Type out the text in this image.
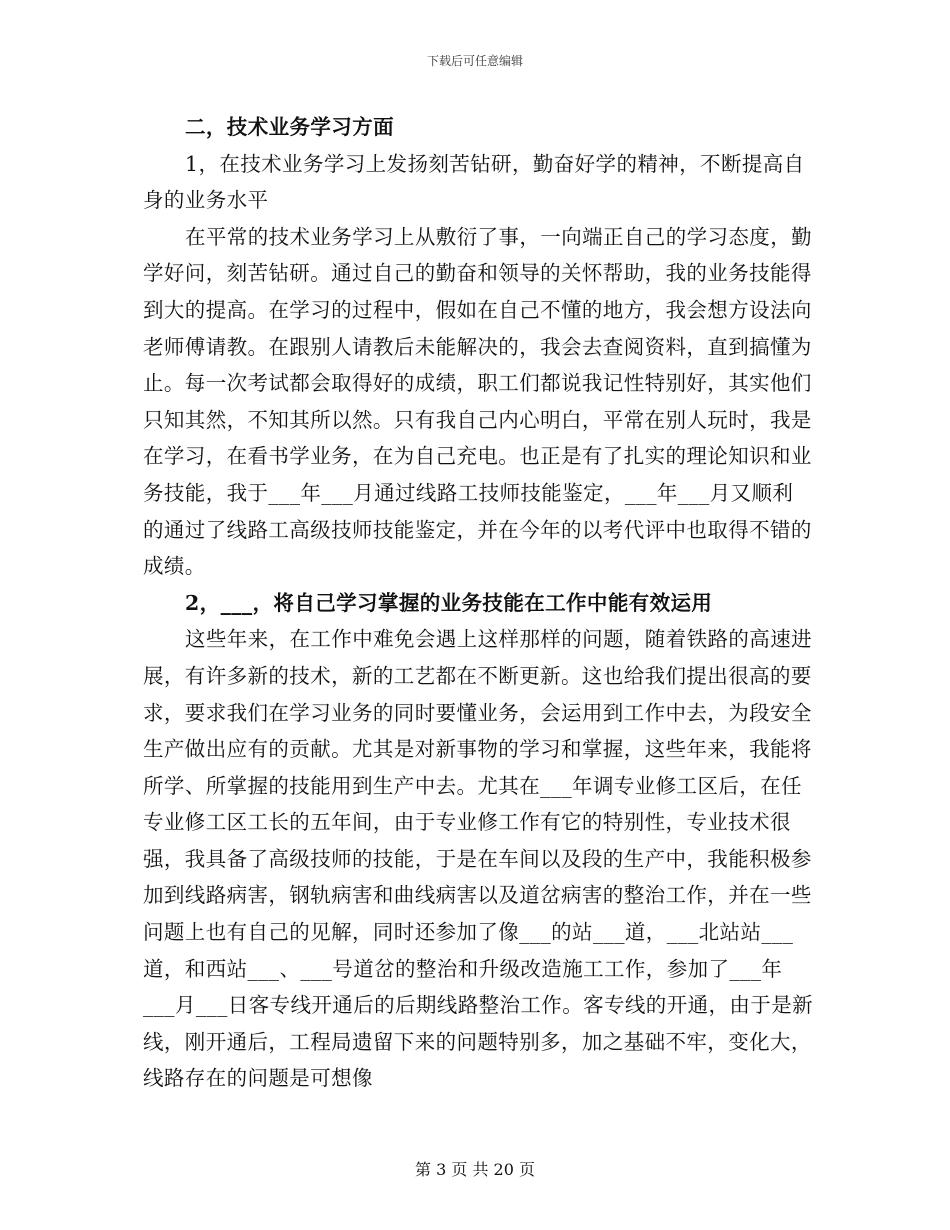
下载后可任意编辑

二，技术业务学习方面

1，在技术业务学习上发扬刻苦钻研，勤奋好学的精神，不断提高自身的业务水平

在平常的技术业务学习上从敷衍了事，一向端正自己的学习态度，勤学好问，刻苦钻研。通过自己的勤奋和领导的关怀帮助，我的业务技能得到大的提高。在学习的过程中，假如在自己不懂的地方，我会想方设法向老师傅请教。在跟别人请教后未能解决的，我会去查阅资料，直到搞懂为止。每一次考试都会取得好的成绩，职工们都说我记性特别好，其实他们只知其然，不知其所以然。只有我自己内心明白，平常在别人玩时，我是在学习，在看书学业务，在为自己充电。也正是有了扎实的理论知识和业务技能，我于___年___月通过线路工技师技能鉴定，___年___月又顺利的通过了线路工高级技师技能鉴定，并在今年的以考代评中也取得不错的成绩。

2，___，将自己学习掌握的业务技能在工作中能有效运用

这些年来，在工作中难免会遇上这样那样的问题，随着铁路的高速进展，有许多新的技术，新的工艺都在不断更新。这也给我们提出很高的要求，要求我们在学习业务的同时要懂业务，会运用到工作中去，为段安全生产做出应有的贡献。尤其是对新事物的学习和掌握，这些年来，我能将所学、所掌握的技能用到生产中去。尤其在___年调专业修工区后，在任专业修工区工长的五年间，由于专业修工作有它的特别性，专业技术很强，我具备了高级技师的技能，于是在车间以及段的生产中，我能积极参加到线路病害，钢轨病害和曲线病害以及道岔病害的整治工作，并在一些问题上也有自己的见解，同时还参加了像___的站___道，___北站站___道，和西站___、___号道岔的整治和升级改造施工工作，参加了___年___月___日客专线开通后的后期线路整治工作。客专线的开通，由于是新线，刚开通后，工程局遗留下来的问题特别多，加之基础不牢，变化大，线路存在的问题是可想像

第 3 页 共 20 页
